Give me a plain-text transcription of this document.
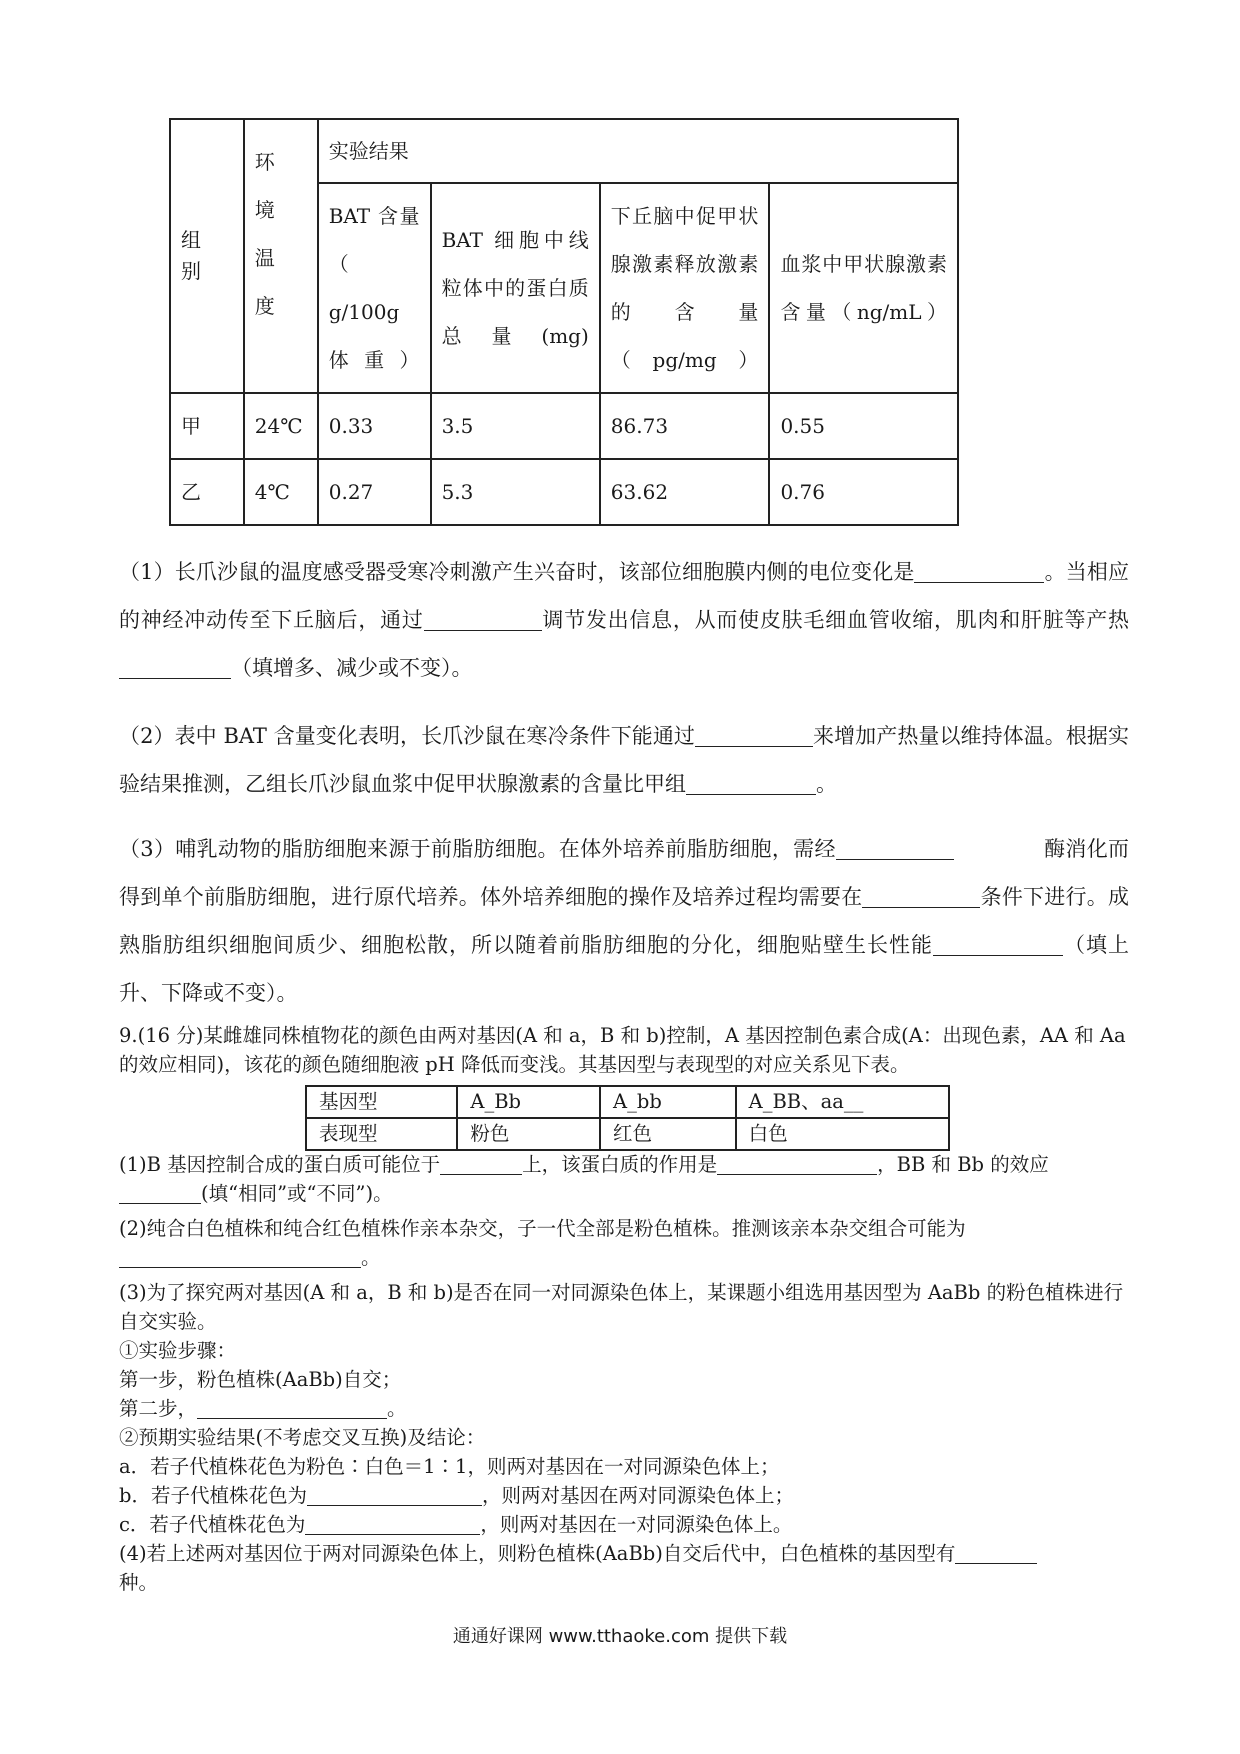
组 别	环 境 温 度	实验结果			
		BAT 含量（ g/100g 体重）	BAT 细胞中线粒体中的蛋白质总量(mg)	下丘脑中促甲状腺激素释放激素的含量（pg/mg）	血浆中甲状腺激素含量（ng/mL）
甲	24℃	0.33	3.5	86.73	0.55
乙	4℃	0.27	5.3	63.62	0.76

（1）长爪沙鼠的温度感受器受寒冷刺激产生兴奋时，该部位细胞膜内侧的电位变化是	。当相应的神经冲动传至下丘脑后，通过	调节发出信息，从而使皮肤毛细血管收缩，肌肉和肝脏等产热（填增多、减少或不变）。

（2）表中 BAT 含量变化表明，长爪沙鼠在寒冷条件下能通过	来增加产热量以维持体温。根据实验结果推测，乙组长爪沙鼠血浆中促甲状腺激素的含量比甲组	。

（3）哺乳动物的脂肪细胞来源于前脂肪细胞。在体外培养前脂肪细胞，需经	酶消化而得到单个前脂肪细胞，进行原代培养。体外培养细胞的操作及培养过程均需要在	条件下进行。成熟脂肪组织细胞间质少、细胞松散，所以随着前脂肪细胞的分化，细胞贴壁生长性能	（填上升、下降或不变）。

9.(16 分)某雌雄同株植物花的颜色由两对基因(A 和 a，B 和 b)控制，A 基因控制色素合成(A：出现色素，AA 和 Aa 的效应相同)，该花的颜色随细胞液 pH 降低而变浅。其基因型与表现型的对应关系见下表。

基因型	A_Bb	A_bb	A_BB、aa__
表现型	粉色	红色	白色
(1)B 基因控制合成的蛋白质可能位于	上，该蛋白质的作用是	，BB 和 Bb 的效应
(填“相同”或“不同”)。
(2)纯合白色植株和纯合红色植株作亲本杂交，子一代全部是粉色植株。推测该亲本杂交组合可能为
。
(3)为了探究两对基因(A 和 a，B 和 b)是否在同一对同源染色体上，某课题小组选用基因型为 AaBb 的粉色植株进行自交实验。
①实验步骤：
第一步，粉色植株(AaBb)自交；
第二步，	。
②预期实验结果(不考虑交叉互换)及结论：
a．若子代植株花色为粉色∶白色＝1∶1，则两对基因在一对同源染色体上；
b．若子代植株花色为	，则两对基因在两对同源染色体上；
c．若子代植株花色为	，则两对基因在一对同源染色体上。
(4)若上述两对基因位于两对同源染色体上，则粉色植株(AaBb)自交后代中，白色植株的基因型有
种。
通通好课网 www.tthaoke.com 提供下载
